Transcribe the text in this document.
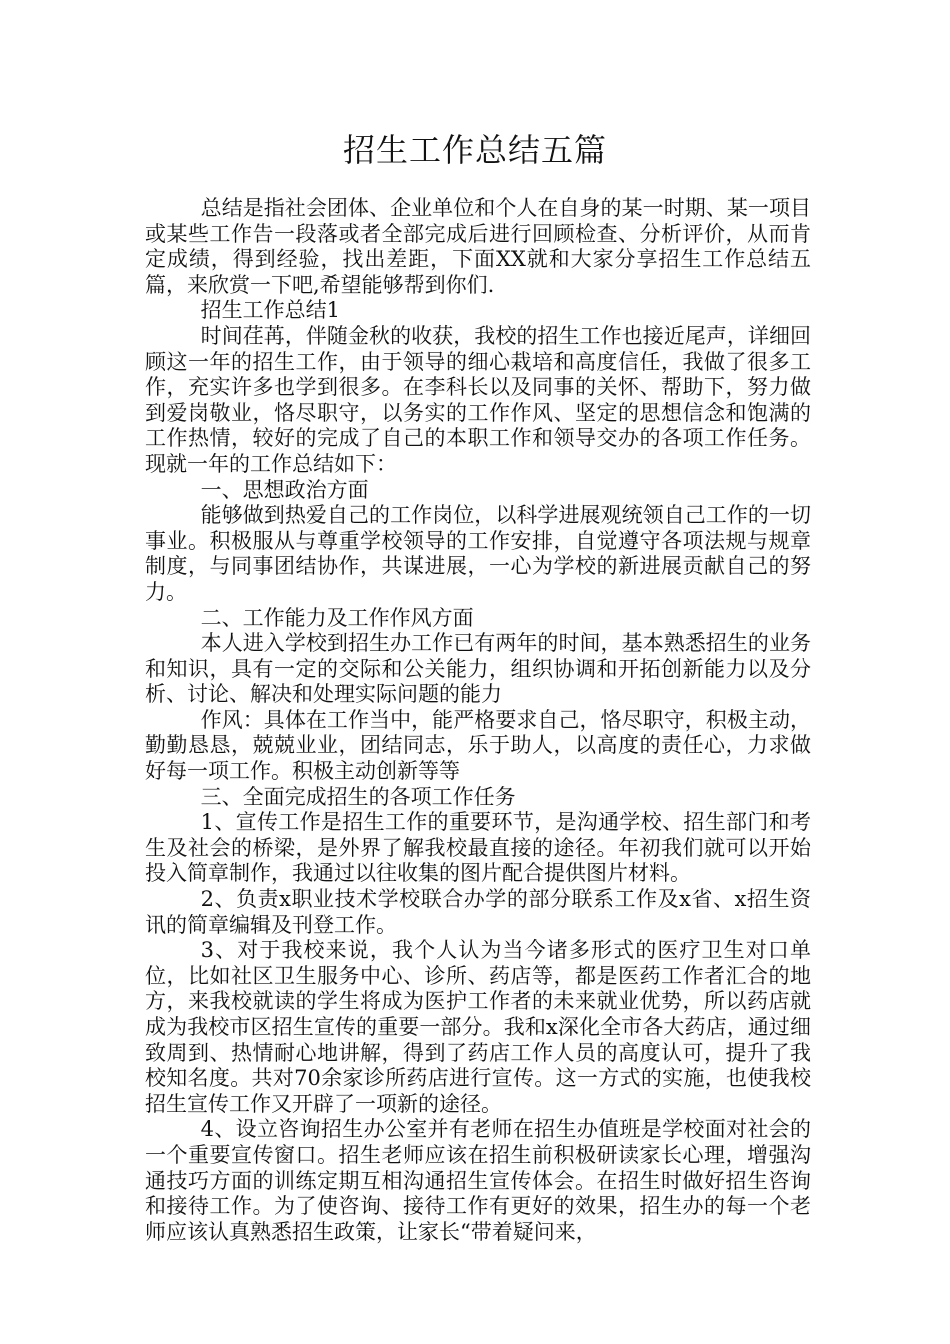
招生工作总结五篇

总结是指社会团体、企业单位和个人在自身的某一时期、某一项目或某些工作告一段落或者全部完成后进行回顾检查、分析评价，从而肯定成绩，得到经验，找出差距，下面XX就和大家分享招生工作总结五篇，来欣赏一下吧,希望能够帮到你们.

招生工作总结1

时间荏苒，伴随金秋的收获，我校的招生工作也接近尾声，详细回顾这一年的招生工作，由于领导的细心栽培和高度信任，我做了很多工作，充实许多也学到很多。在李科长以及同事的关怀、帮助下，努力做到爱岗敬业，恪尽职守，以务实的工作作风、坚定的思想信念和饱满的工作热情，较好的完成了自己的本职工作和领导交办的各项工作任务。现就一年的工作总结如下：

一、思想政治方面

能够做到热爱自己的工作岗位，以科学进展观统领自己工作的一切事业。积极服从与尊重学校领导的工作安排，自觉遵守各项法规与规章制度，与同事团结协作，共谋进展，一心为学校的新进展贡献自己的努力。

二、工作能力及工作作风方面

本人进入学校到招生办工作已有两年的时间，基本熟悉招生的业务和知识，具有一定的交际和公关能力，组织协调和开拓创新能力以及分析、讨论、解决和处理实际问题的能力

作风：具体在工作当中，能严格要求自己，恪尽职守，积极主动，勤勤恳恳，兢兢业业，团结同志，乐于助人，以高度的责任心，力求做好每一项工作。积极主动创新等等

三、全面完成招生的各项工作任务

1、宣传工作是招生工作的重要环节，是沟通学校、招生部门和考生及社会的桥梁，是外界了解我校最直接的途径。年初我们就可以开始投入简章制作，我通过以往收集的图片配合提供图片材料。

2、负责x职业技术学校联合办学的部分联系工作及x省、x招生资讯的简章编辑及刊登工作。

3、对于我校来说，我个人认为当今诸多形式的医疗卫生对口单位，比如社区卫生服务中心、诊所、药店等，都是医药工作者汇合的地方，来我校就读的学生将成为医护工作者的未来就业优势，所以药店就成为我校市区招生宣传的重要一部分。我和x深化全市各大药店，通过细致周到、热情耐心地讲解，得到了药店工作人员的高度认可，提升了我校知名度。共对70余家诊所药店进行宣传。这一方式的实施，也使我校招生宣传工作又开辟了一项新的途径。

4、设立咨询招生办公室并有老师在招生办值班是学校面对社会的一个重要宣传窗口。招生老师应该在招生前积极研读家长心理，增强沟通技巧方面的训练定期互相沟通招生宣传体会。在招生时做好招生咨询和接待工作。为了使咨询、接待工作有更好的效果，招生办的每一个老师应该认真熟悉招生政策，让家长“带着疑问来，
